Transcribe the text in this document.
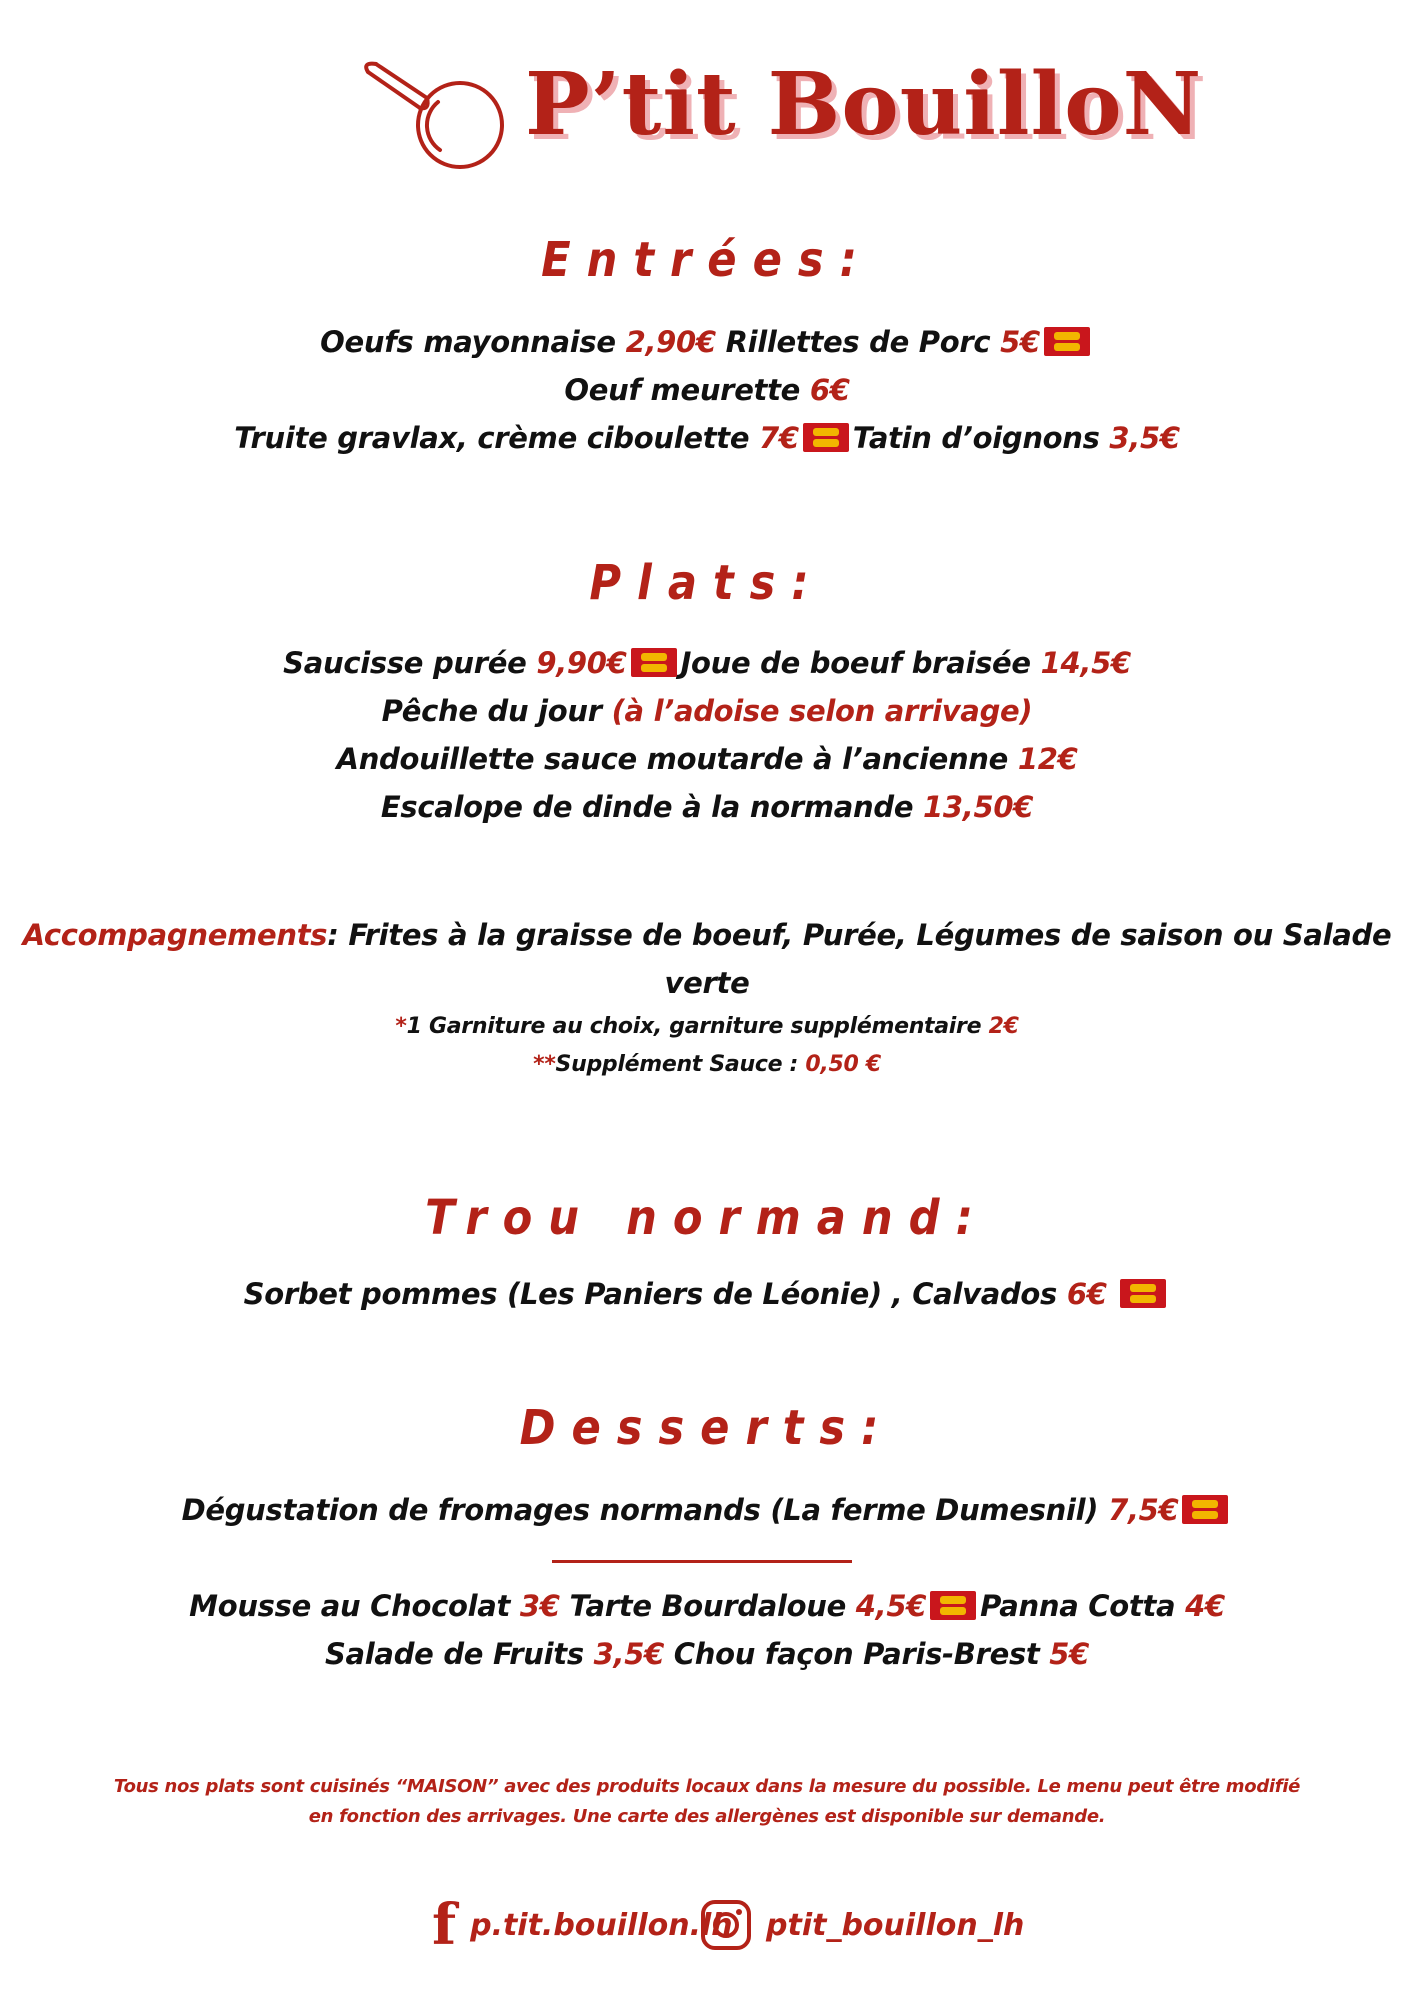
P’tit BouilloN
Entrées:
Oeufs mayonnaise 2,90€ Rillettes de Porc 5€
Oeuf meurette 6€
Truite gravlax, crème ciboulette 7€ Tatin d’oignons 3,5€
Plats:
Saucisse purée 9,90€ Joue de boeuf braisée 14,5€
Pêche du jour (à l’adoise selon arrivage)
Andouillette sauce moutarde à l’ancienne 12€
Escalope de dinde à la normande 13,50€
Accompagnements: Frites à la graisse de boeuf, Purée, Légumes de saison ou Salade
verte
*1 Garniture au choix, garniture supplémentaire 2€
**Supplément Sauce : 0,50 €
Trou normand:
Sorbet pommes (Les Paniers de Léonie) , Calvados 6€
Desserts:
Dégustation de fromages normands (La ferme Dumesnil) 7,5€
Mousse au Chocolat 3€ Tarte Bourdaloue 4,5€ Panna Cotta 4€
Salade de Fruits 3,5€ Chou façon Paris-Brest 5€
Tous nos plats sont cuisinés “MAISON” avec des produits locaux dans la mesure du possible. Le menu peut être modifié
en fonction des arrivages. Une carte des allergènes est disponible sur demande.
f p.tit.bouillon.lh ptit_bouillon_lh
